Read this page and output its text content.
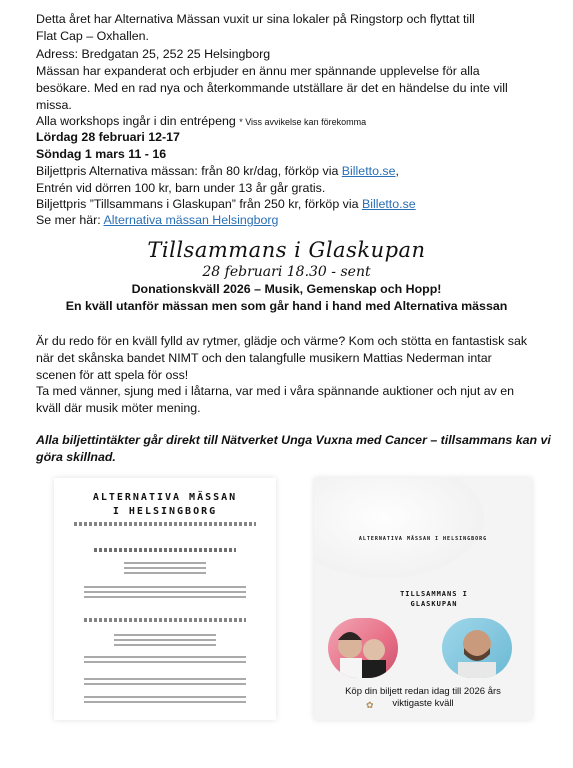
Detta året har Alternativa Mässan vuxit ur sina lokaler på Ringstorp och flyttat till
Flat Cap – Oxhallen.
Adress: Bredgatan 25, 252 25 Helsingborg
Mässan har expanderat och erbjuder en ännu mer spännande upplevelse för alla
besökare. Med en rad nya och återkommande utställare är det en händelse du inte vill
missa.
Alla workshops ingår i din entrépeng * Viss avvikelse kan förekomma
Lördag 28 februari 12-17
Söndag 1 mars 11 - 16
Biljettpris Alternativa mässan: från 80 kr/dag, förköp via Billetto.se,
Entrén vid dörren 100 kr, barn under 13 år går gratis.
Biljettpris ”Tillsammans i Glaskupan” från 250 kr, förköp via Billetto.se
Se mer här: Alternativa mässan Helsingborg
Tillsammans i Glaskupan
28 februari 18.30 - sent
Donationskväll 2026 – Musik, Gemenskap och Hopp!
En kväll utanför mässan men som går hand i hand med Alternativa mässan
Är du redo för en kväll fylld av rytmer, glädje och värme? Kom och stötta en fantastisk sak
när det skånska bandet NIMT och den talangfulle musikern Mattias Nederman intar
scenen för att spela för oss!
Ta med vänner, sjung med i låtarna, var med i våra spännande auktioner och njut av en
kväll där musik möter mening.
Alla biljettintäkter går direkt till Nätverket Unga Vuxna med Cancer – tillsammans kan vi
göra skillnad.
ALTERNATIVA MÄSSAN
I HELSINGBORG
ALTERNATIVA MÄSSAN I HELSINGBORG
TILLSAMMANS I
GLASKUPAN
Köp din biljett redan idag till 2026 års
viktigaste kväll
✿
